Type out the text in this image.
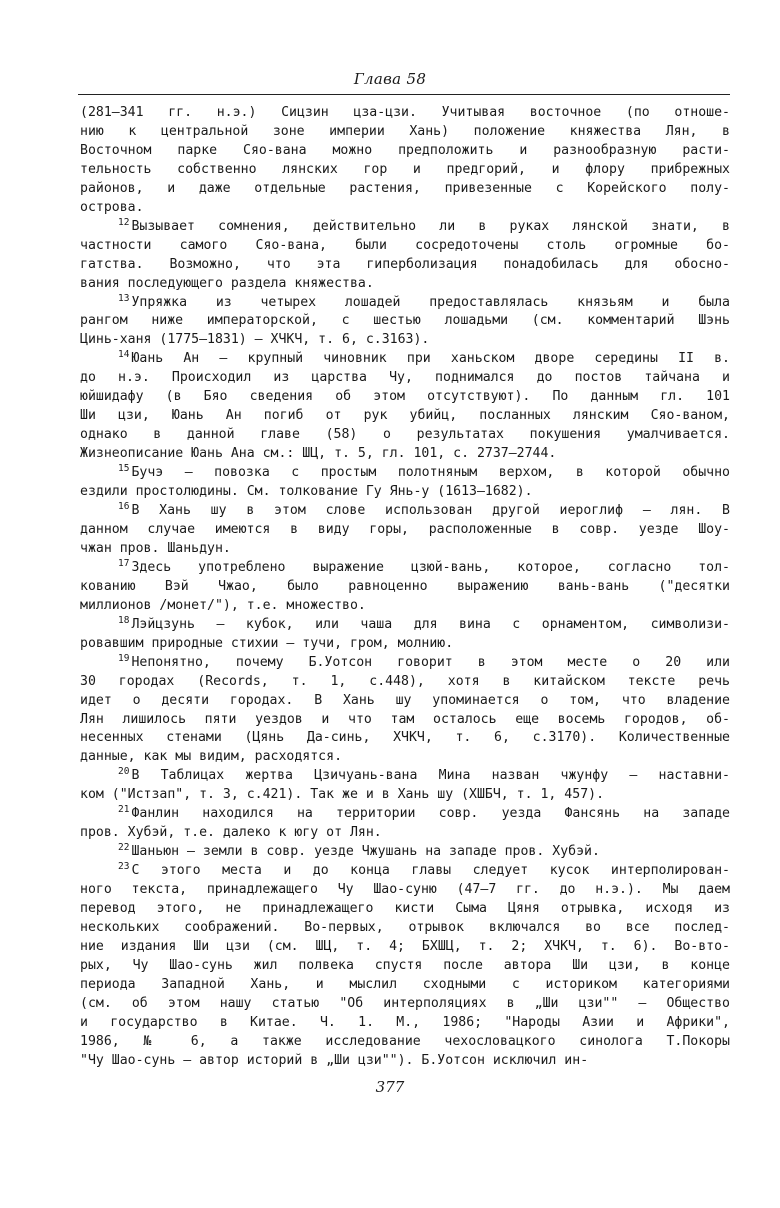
Глава 58
(281—341 гг. н.э.) Сицзин цза-цзи. Учитывая восточное (по отноше-
нию к центральной зоне империи Хань) положение княжества Лян, в
Восточном парке Сяо-вана можно предположить и разнообразную расти-
тельность собственно лянских гор и предгорий, и флору прибрежных
районов, и даже отдельные растения, привезенные с Корейского полу-
острова.
$^{12}$ Вызывает сомнения, действительно ли в руках лянской знати, в
частности самого Сяо-вана, были сосредоточены столь огромные бо-
гатства. Возможно, что эта гиперболизация понадобилась для обосно-
вания последующего раздела княжества.
$^{13}$ Упряжка из четырех лошадей предоставлялась князьям и была
рангом ниже императорской, с шестью лошадьми (см. комментарий Шэнь
Цинь-ханя (1775—1831) — ХЧКЧ, т. 6, с.3163).
$^{14}$ Юань Ан — крупный чиновник при ханьском дворе середины II в.
до н.э. Происходил из царства Чу, поднимался до постов тайчана и
юйшидафу (в Бяо сведения об этом отсутствуют). По данным гл. 101
Ши цзи, Юань Ан погиб от рук убийц, посланных лянским Сяо-ваном,
однако в данной главе (58) о результатах покушения умалчивается.
Жизнеописание Юань Ана см.: ШЦ, т. 5, гл. 101, с. 2737—2744.
$^{15}$ Бучэ — повозка с простым полотняным верхом, в которой обычно
ездили простолюдины. См. толкование Гу Янь-у (1613—1682).
$^{16}$ В Хань шу в этом слове использован другой иероглиф — лян. В
данном случае имеются в виду горы, расположенные в совр. уезде Шоу-
чжан пров. Шаньдун.
$^{17}$ Здесь употреблено выражение цзюй-вань, которое, согласно тол-
кованию Вэй Чжао, было равноценно выражению вань-вань ("десятки
миллионов /монет/"), т.е. множество.
$^{18}$ Лэйцзунь — кубок, или чаша для вина с орнаментом, символизи-
ровавшим природные стихии — тучи, гром, молнию.
$^{19}$ Непонятно, почему Б.Уотсон говорит в этом месте о 20 или
30 городах (Records, т. 1, с.448), хотя в китайском тексте речь
идет о десяти городах. В Хань шу упоминается о том, что владение
Лян лишилось пяти уездов и что там осталось еще восемь городов, об-
несенных стенами (Цянь Да-синь, ХЧКЧ, т. 6, с.3170). Количественные
данные, как мы видим, расходятся.
$^{20}$ В Таблицах жертва Цзичуань-вана Мина назван чжунфу — наставни-
ком ("Истзап", т. 3, с.421). Так же и в Хань шу (ХШБЧ, т. 1, 457).
$^{21}$ Фанлин находился на территории совр. уезда Фансянь на западе
пров. Хубэй, т.е. далеко к югу от Лян.
$^{22}$ Шаньюн — земли в совр. уезде Чжушань на западе пров. Хубэй.
$^{23}$ С этого места и до конца главы следует кусок интерполирован-
ного текста, принадлежащего Чу Шао-суню (47—7 гг. до н.э.). Мы даем
перевод этого, не принадлежащего кисти Сыма Цяня отрывка, исходя из
нескольких соображений. Во-первых, отрывок включался во все послед-
ние издания Ши цзи (см. ШЦ, т. 4; БХШЦ, т. 2; ХЧКЧ, т. 6). Во-вто-
рых, Чу Шао-сунь жил полвека спустя после автора Ши цзи, в конце
периода Западной Хань, и мыслил сходными с историком категориями
(см. об этом нашу статью "Об интерполяциях в „Ши цзи"" — Общество
и государство в Китае. Ч. 1. М., 1986; "Народы Азии и Африки",
1986, № 6, а также исследование чехословацкого синолога Т.Покоры
"Чу Шао-сунь — автор историй в „Ши цзи""). Б.Уотсон исключил ин-
377
